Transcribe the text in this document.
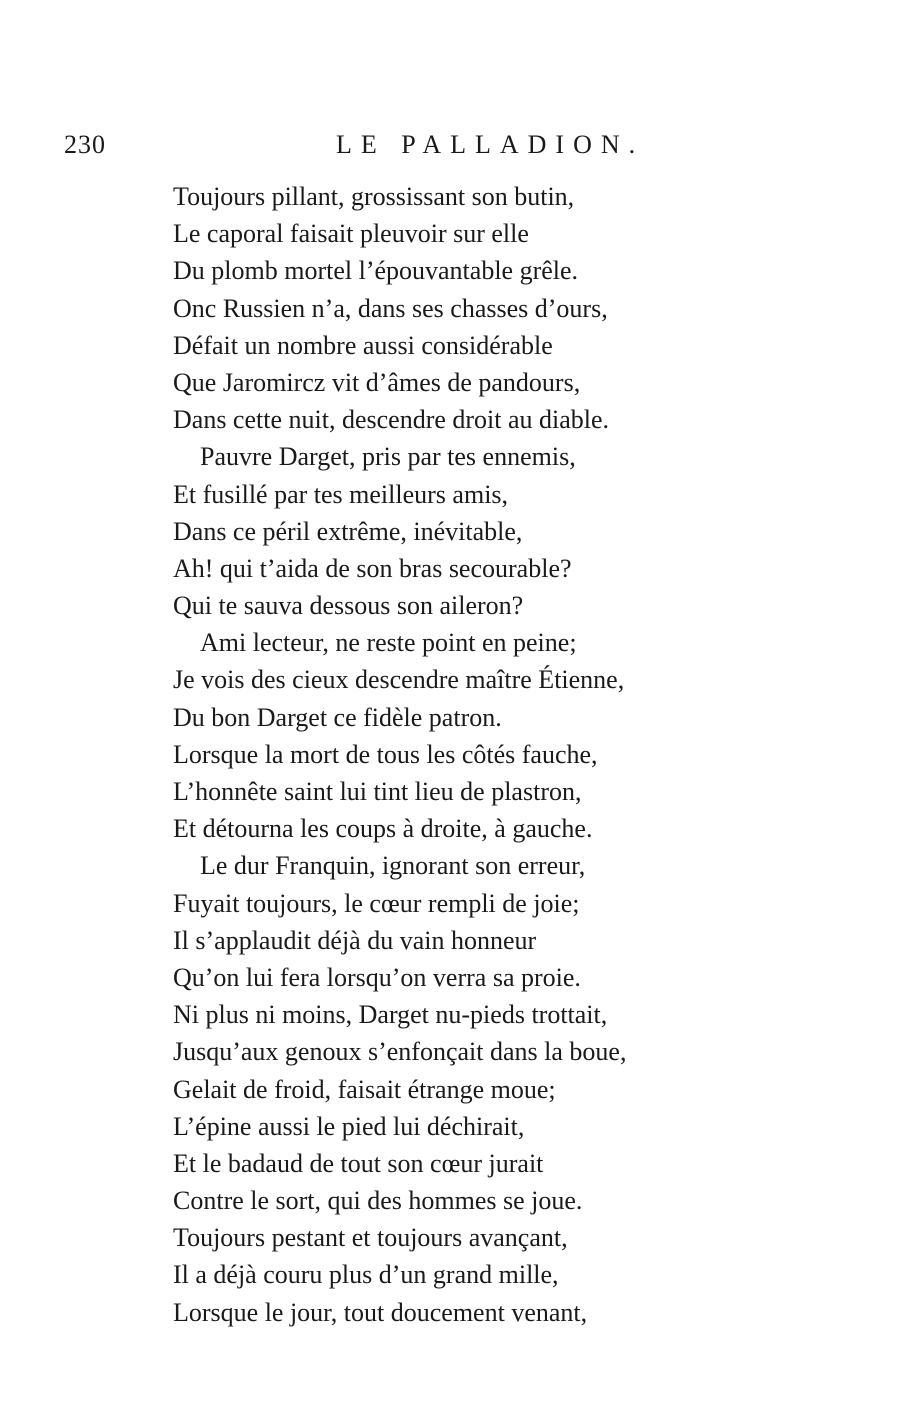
230	LE PALLADION.
Toujours pillant, grossissant son butin,
Le caporal faisait pleuvoir sur elle
Du plomb mortel l’épouvantable grêle.
Onc Russien n’a, dans ses chasses d’ours,
Défait un nombre aussi considérable
Que Jaromircz vit d’âmes de pandours,
Dans cette nuit, descendre droit au diable.
Pauvre Darget, pris par tes ennemis,
Et fusillé par tes meilleurs amis,
Dans ce péril extrême, inévitable,
Ah! qui t’aida de son bras secourable?
Qui te sauva dessous son aileron?
Ami lecteur, ne reste point en peine;
Je vois des cieux descendre maître Étienne,
Du bon Darget ce fidèle patron.
Lorsque la mort de tous les côtés fauche,
L’honnête saint lui tint lieu de plastron,
Et détourna les coups à droite, à gauche.
Le dur Franquin, ignorant son erreur,
Fuyait toujours, le cœur rempli de joie;
Il s’applaudit déjà du vain honneur
Qu’on lui fera lorsqu’on verra sa proie.
Ni plus ni moins, Darget nu-pieds trottait,
Jusqu’aux genoux s’enfonçait dans la boue,
Gelait de froid, faisait étrange moue;
L’épine aussi le pied lui déchirait,
Et le badaud de tout son cœur jurait
Contre le sort, qui des hommes se joue.
Toujours pestant et toujours avançant,
Il a déjà couru plus d’un grand mille,
Lorsque le jour, tout doucement venant,
